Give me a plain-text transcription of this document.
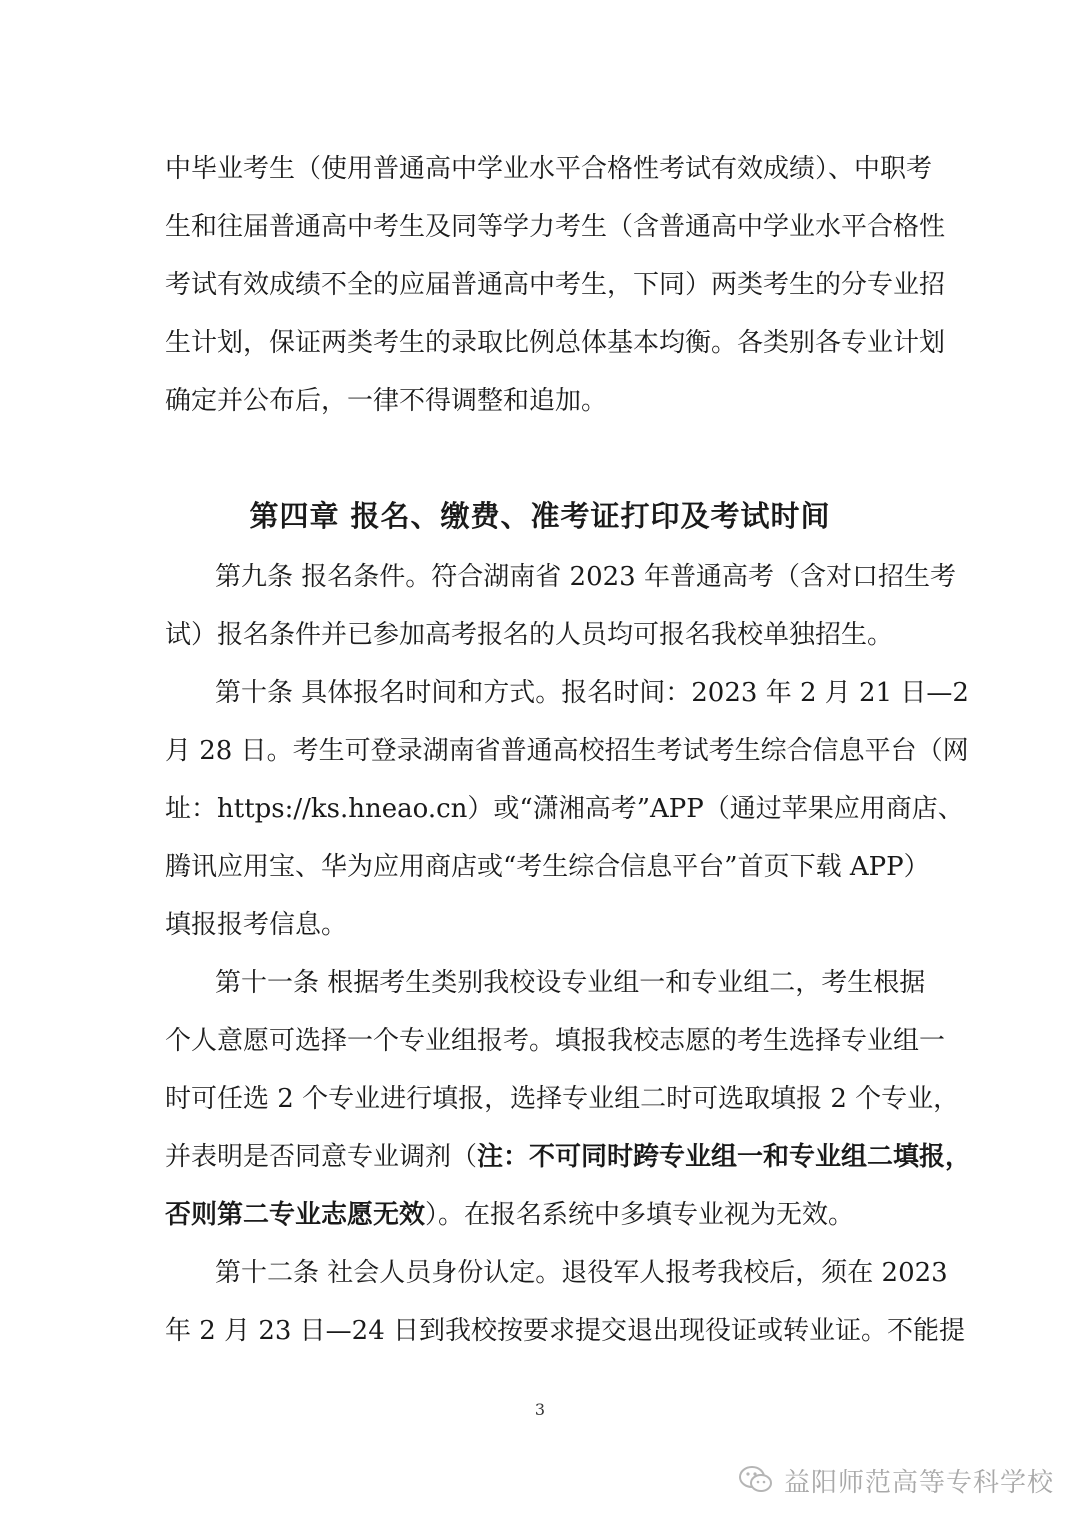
中毕业考生（使用普通高中学业水平合格性考试有效成绩）、中职考
生和往届普通高中考生及同等学力考生（含普通高中学业水平合格性
考试有效成绩不全的应届普通高中考生，下同）两类考生的分专业招
生计划，保证两类考生的录取比例总体基本均衡。各类别各专业计划
确定并公布后，一律不得调整和追加。
第四章 报名、缴费、准考证打印及考试时间
第九条 报名条件。符合湖南省 2023 年普通高考（含对口招生考
试）报名条件并已参加高考报名的人员均可报名我校单独招生。
第十条 具体报名时间和方式。报名时间：2023 年 2 月 21 日—2
月 28 日。考生可登录湖南省普通高校招生考试考生综合信息平台（网
址：https://ks.hneao.cn）或“潇湘高考”APP（通过苹果应用商店、
腾讯应用宝、华为应用商店或“考生综合信息平台”首页下载 APP）
填报报考信息。
第十一条 根据考生类别我校设专业组一和专业组二，考生根据
个人意愿可选择一个专业组报考。填报我校志愿的考生选择专业组一
时可任选 2 个专业进行填报，选择专业组二时可选取填报 2 个专业，
并表明是否同意专业调剂（注：不可同时跨专业组一和专业组二填报，
否则第二专业志愿无效）。在报名系统中多填专业视为无效。
第十二条 社会人员身份认定。退役军人报考我校后，须在 2023
年 2 月 23 日—24 日到我校按要求提交退出现役证或转业证。不能提
3
益阳师范高等专科学校
